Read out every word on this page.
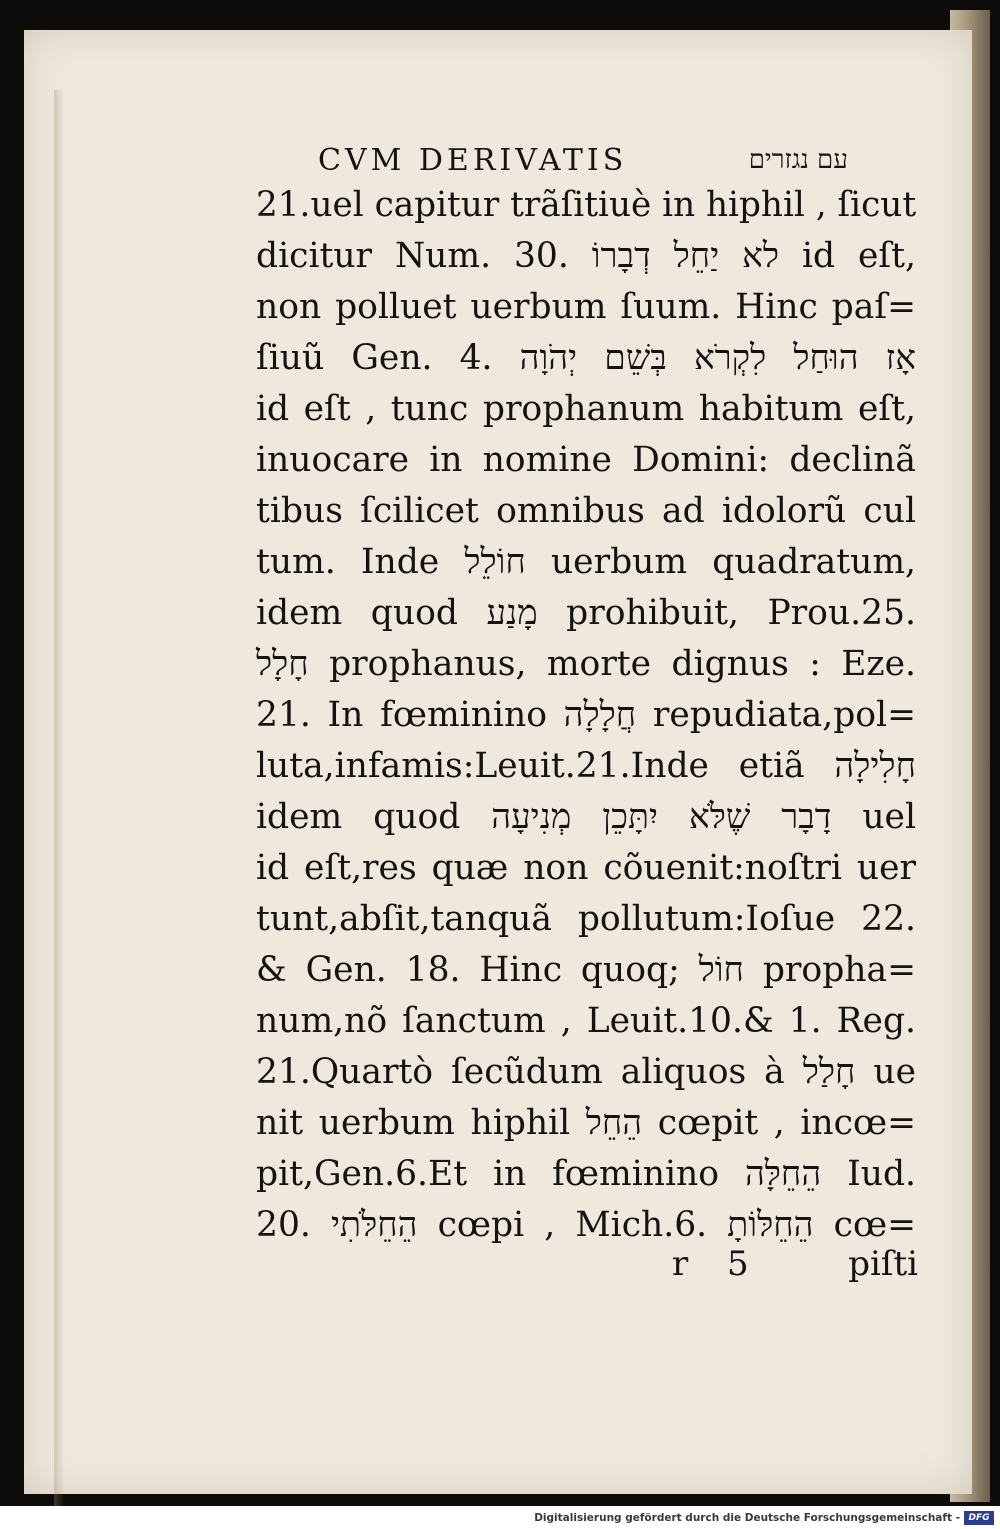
CVM DERIVATIS	עם נגזרים
21.uel capitur trãſitiuè in hiphil , ſicut
dicitur Num. 30. לא יַחֵל דְבָרוֹ id eſt,
non polluet uerbum ſuum. Hinc paſ=
ſiuũ Gen. 4. אָז הוּחַל לִקְרֹא בְּשֵׁם יְהֹוָה
id eſt , tunc prophanum habitum eſt,
inuocare in nomine Domini: declinã
tibus ſcilicet omnibus ad idolorũ cul
tum. Inde חוֹלֵל uerbum quadratum,
idem quod מָנַע prohibuit, Prou.25.
חָלָל prophanus, morte dignus : Eze.
21. In fœminino חֲלָלָה repudiata,pol=
luta,infamis:Leuit.21.Inde etiã חָלִילָה
idem quod דָבָר שֶׁלֹּא יִתָּכֵן מְנִיעָה uel
id eſt,res quæ non cõuenit:noſtri uer
tunt,abſit,tanquã pollutum:Ioſue 22.
& Gen. 18. Hinc quoq; חוֹל propha=
num,nõ ſanctum , Leuit.10.& 1. Reg.
21.Quartò ſecũdum aliquos à חָלַל ue
nit uerbum hiphil הֵחֵל cœpit , incœ=
pit,Gen.6.Et in fœminino הֵחֵלָּה Iud.
20. הֵחֵלֹּתִי cœpi , Mich.6. הֵחֵלּוֹתָ cœ=
r 5	piſti
Digitalisierung gefördert durch die Deutsche Forschungsgemeinschaft - DFG
